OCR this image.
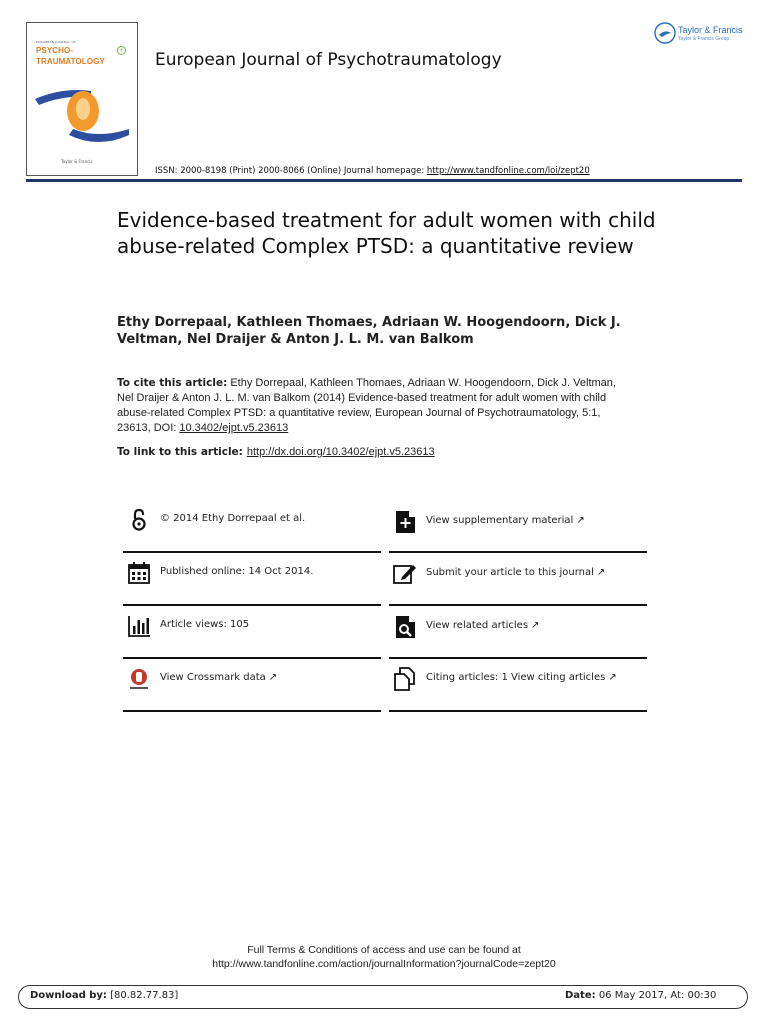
EUROPEAN JOURNAL OF
PSYCHO-
TRAUMATOLOGY
+
Taylor & Francis
European Journal of Psychotraumatology
Taylor & Francis
Taylor & Francis Group
ISSN: 2000-8198 (Print) 2000-8066 (Online) Journal homepage: http://www.tandfonline.com/loi/zept20
Evidence-based treatment for adult women with child abuse-related Complex PTSD: a quantitative review
Ethy Dorrepaal, Kathleen Thomaes, Adriaan W. Hoogendoorn, Dick J. Veltman, Nel Draijer & Anton J. L. M. van Balkom
To cite this article: Ethy Dorrepaal, Kathleen Thomaes, Adriaan W. Hoogendoorn, Dick J. Veltman, Nel Draijer & Anton J. L. M. van Balkom (2014) Evidence-based treatment for adult women with child abuse-related Complex PTSD: a quantitative review, European Journal of Psychotraumatology, 5:1, 23613, DOI: 10.3402/ejpt.v5.23613
To link to this article: http://dx.doi.org/10.3402/ejpt.v5.23613
© 2014 Ethy Dorrepaal et al.
Published online: 14 Oct 2014.
Article views: 105
View Crossmark data ↗
View supplementary material ↗
Submit your article to this journal ↗
View related articles ↗
Citing articles: 1 View citing articles ↗
Full Terms & Conditions of access and use can be found at
http://www.tandfonline.com/action/journalInformation?journalCode=zept20
Download by: [80.82.77.83]	Date: 06 May 2017, At: 00:30
